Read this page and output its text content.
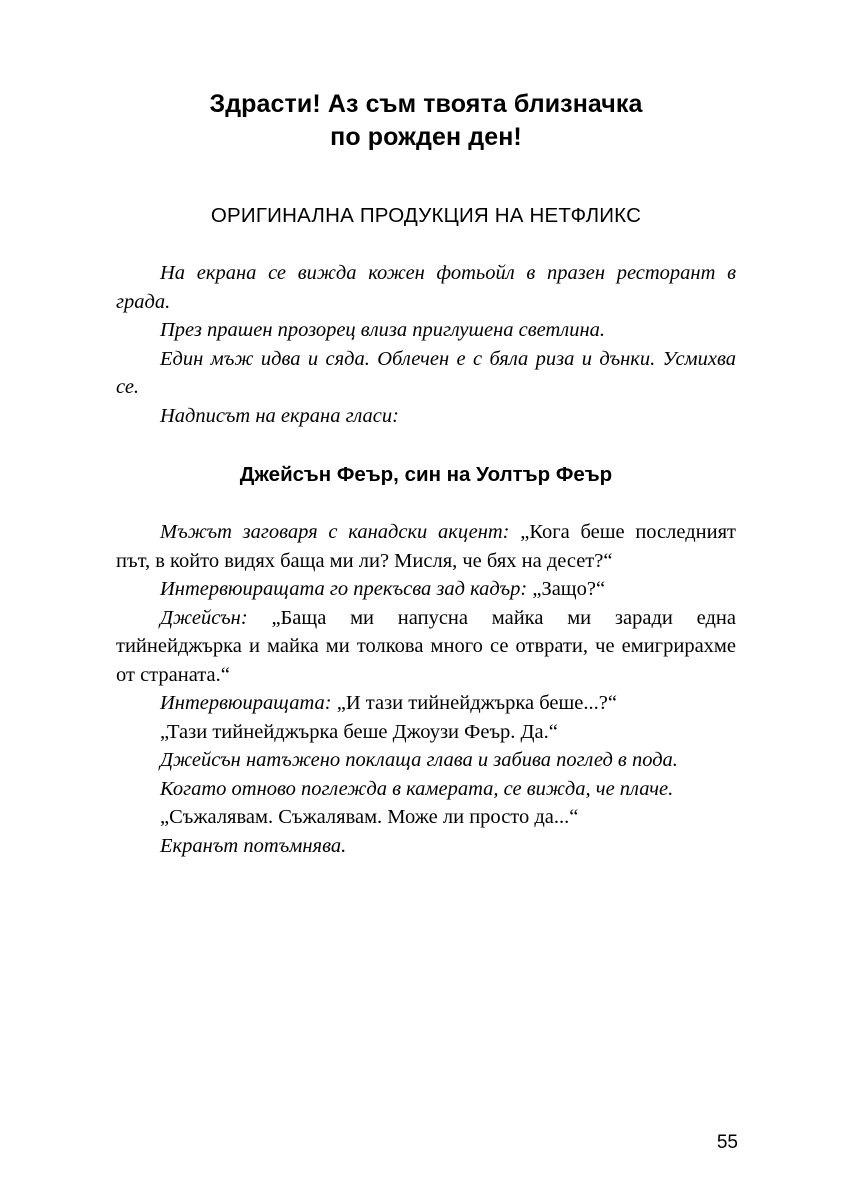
Здрасти! Аз съм твоята близначка
по рожден ден!
ОРИГИНАЛНА ПРОДУКЦИЯ НА НЕТФЛИКС

На екрана се вижда кожен фотьойл в празен ресторант в града.

През прашен прозорец влиза приглушена светлина.

Един мъж идва и сяда. Облечен е с бяла риза и дънки. Усмихва се.

Надписът на екрана гласи:

Джейсън Феър, син на Уолтър Феър

Мъжът заговаря с канадски акцент: „Кога беше последният път, в който видях баща ми ли? Мисля, че бях на десет?“

Интервюиращата го прекъсва зад кадър: „Защо?“

Джейсън: „Баща ми напусна майка ми заради една тийнейджърка и майка ми толкова много се отврати, че емигрирахме от страната.“

Интервюиращата: „И тази тийнейджърка беше...?“

„Тази тийнейджърка беше Джоузи Феър. Да.“

Джейсън натъжено поклаща глава и забива поглед в пода.

Когато отново поглежда в камерата, се вижда, че плаче.

„Съжалявам. Съжалявам. Може ли просто да...“

Екранът потъмнява.

55
